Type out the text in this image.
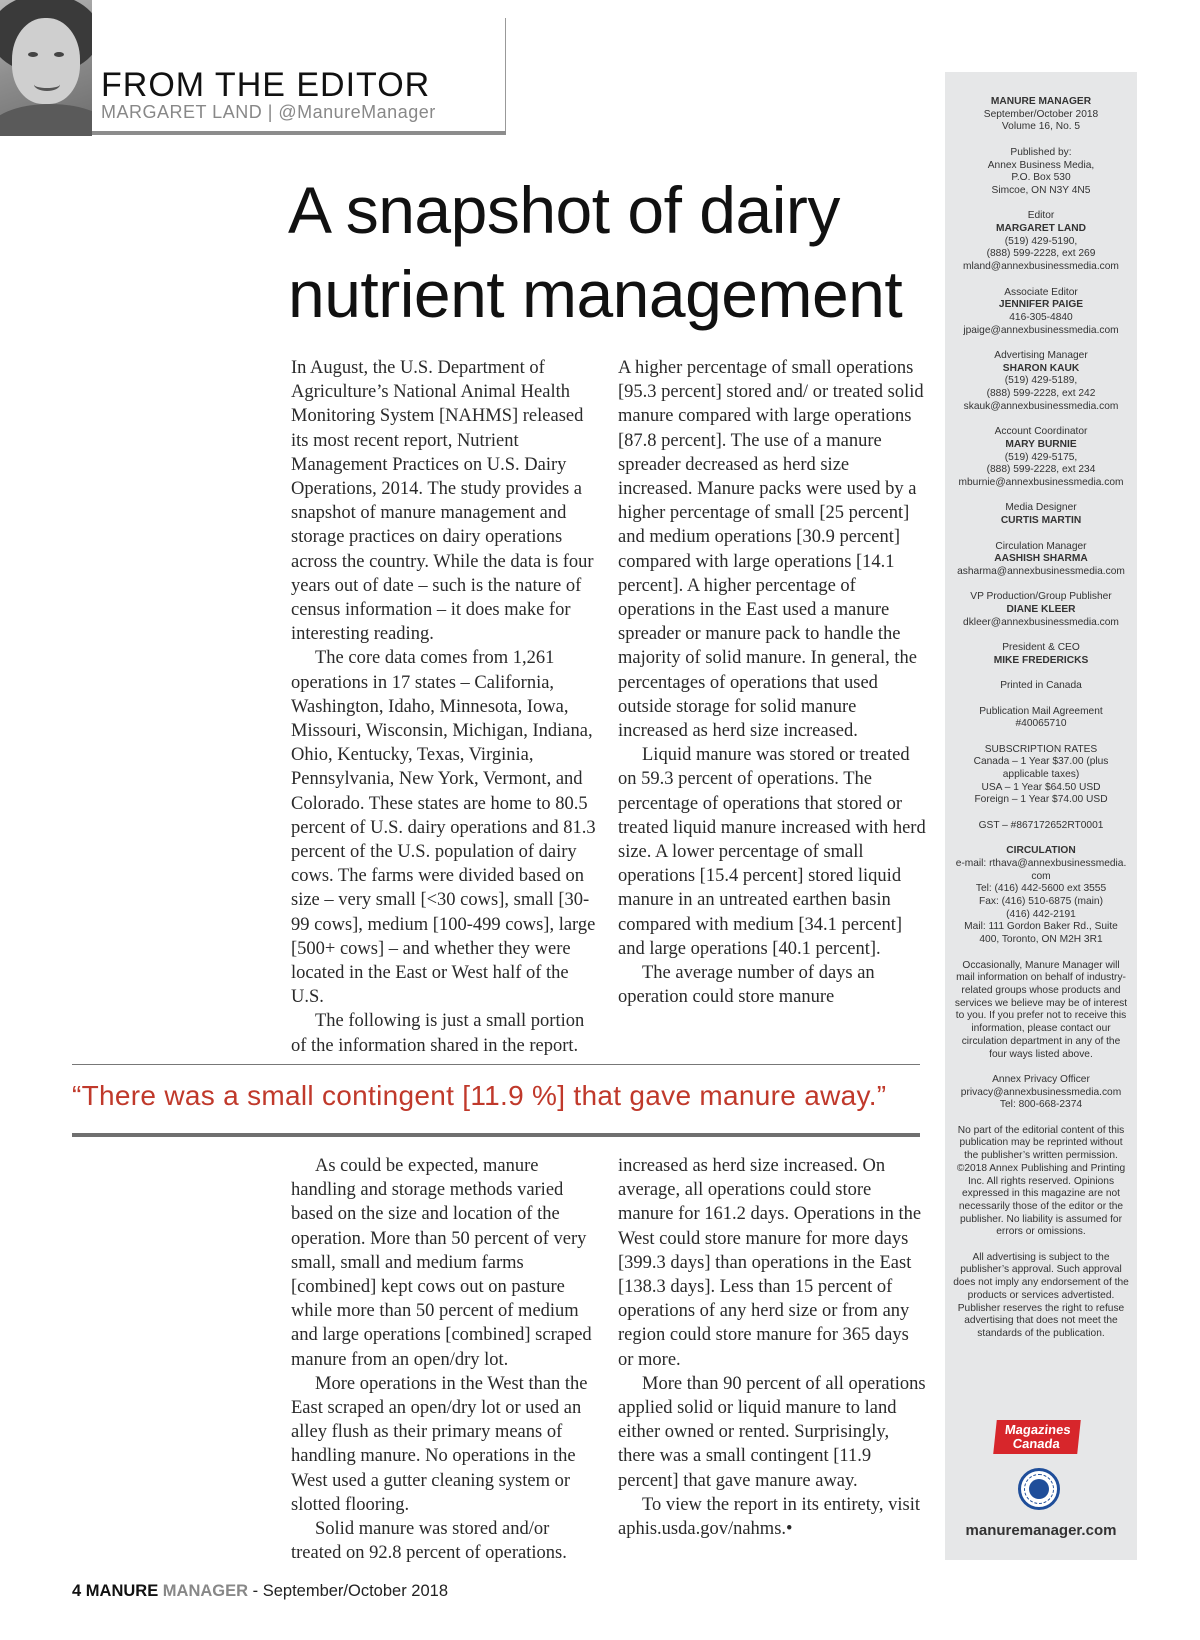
FROM THE EDITOR
MARGARET LAND | @ManureManager
A snapshot of dairy
nutrient management

In August, the U.S. Department of Agriculture’s National Animal Health Monitoring System [NAHMS] released its most recent report, Nutrient Management Practices on U.S. Dairy Operations, 2014. The study provides a snapshot of manure management and storage practices on dairy operations across the country. While the data is four years out of date – such is the nature of census information – it does make for interesting reading.

The core data comes from 1,261 operations in 17 states – California, Washington, Idaho, Minnesota, Iowa, Missouri, Wisconsin, Michigan, Indiana, Ohio, Kentucky, Texas, Virginia, Pennsylvania, New York, Vermont, and Colorado. These states are home to 80.5 percent of U.S. dairy operations and 81.3 percent of the U.S. population of dairy cows. The farms were divided based on size – very small [<30 cows], small [30-99 cows], medium [100-499 cows], large [500+ cows] – and whether they were located in the East or West half of the U.S.

The following is just a small portion of the information shared in the report.

A higher percentage of small operations [95.3 percent] stored and/ or treated solid manure compared with large operations [87.8 percent]. The use of a manure spreader decreased as herd size increased. Manure packs were used by a higher percentage of small [25 percent] and medium operations [30.9 percent] compared with large operations [14.1 percent]. A higher percentage of operations in the East used a manure spreader or manure pack to handle the majority of solid manure. In general, the percentages of operations that used outside storage for solid manure increased as herd size increased.

Liquid manure was stored or treated on 59.3 percent of operations. The percentage of operations that stored or treated liquid manure increased with herd size. A lower percentage of small operations [15.4 percent] stored liquid manure in an untreated earthen basin compared with medium [34.1 percent] and large operations [40.1 percent].

The average number of days an operation could store manure

“There was a small contingent [11.9 %] that gave manure away.”

As could be expected, manure handling and storage methods varied based on the size and location of the operation. More than 50 percent of very small, small and medium farms [combined] kept cows out on pasture while more than 50 percent of medium and large operations [combined] scraped manure from an open/dry lot.

More operations in the West than the East scraped an open/dry lot or used an alley flush as their primary means of handling manure. No operations in the West used a gutter cleaning system or slotted flooring.

Solid manure was stored and/or treated on 92.8 percent of operations.

increased as herd size increased. On average, all operations could store manure for 161.2 days. Operations in the West could store manure for more days [399.3 days] than operations in the East [138.3 days]. Less than 15 percent of operations of any herd size or from any region could store manure for 365 days or more.

More than 90 percent of all operations applied solid or liquid manure to land either owned or rented. Surprisingly, there was a small contingent [11.9 percent] that gave manure away.

To view the report in its entirety, visit aphis.usda.gov/nahms.•

MANURE MANAGER
September/October 2018
Volume 16, No. 5
Published by:
Annex Business Media,
P.O. Box 530
Simcoe, ON N3Y 4N5
Editor
MARGARET LAND
(519) 429-5190,
(888) 599-2228, ext 269
mland@annexbusinessmedia.com
Associate Editor
JENNIFER PAIGE
416-305-4840
jpaige@annexbusinessmedia.com
Advertising Manager
SHARON KAUK
(519) 429-5189,
(888) 599-2228, ext 242
skauk@annexbusinessmedia.com
Account Coordinator
MARY BURNIE
(519) 429-5175,
(888) 599-2228, ext 234
mburnie@annexbusinessmedia.com
Media Designer
CURTIS MARTIN
Circulation Manager
AASHISH SHARMA
asharma@annexbusinessmedia.com
VP Production/Group Publisher
DIANE KLEER
dkleer@annexbusinessmedia.com
President & CEO
MIKE FREDERICKS
Printed in Canada
Publication Mail Agreement
#40065710
SUBSCRIPTION RATES
Canada – 1 Year $37.00 (plus
applicable taxes)
USA – 1 Year $64.50 USD
Foreign – 1 Year $74.00 USD
GST – #867172652RT0001
CIRCULATION
e-mail: rthava@annexbusinessmedia.
com
Tel: (416) 442-5600 ext 3555
Fax: (416) 510-6875 (main)
(416) 442-2191
Mail: 111 Gordon Baker Rd., Suite
400, Toronto, ON M2H 3R1
Occasionally, Manure Manager will mail information on behalf of industry-related groups whose products and services we believe may be of interest to you. If you prefer not to receive this information, please contact our circulation department in any of the four ways listed above.
Annex Privacy Officer
privacy@annexbusinessmedia.com
Tel: 800-668-2374
No part of the editorial content of this publication may be reprinted without the publisher’s written permission. ©2018 Annex Publishing and Printing Inc. All rights reserved. Opinions expressed in this magazine are not necessarily those of the editor or the publisher. No liability is assumed for errors or omissions.
All advertising is subject to the publisher’s approval. Such approval does not imply any endorsement of the products or services advertisted. Publisher reserves the right to refuse advertising that does not meet the standards of the publication.
Magazines
Canada
manuremanager.com
4 MANURE MANAGER - September/October 2018
